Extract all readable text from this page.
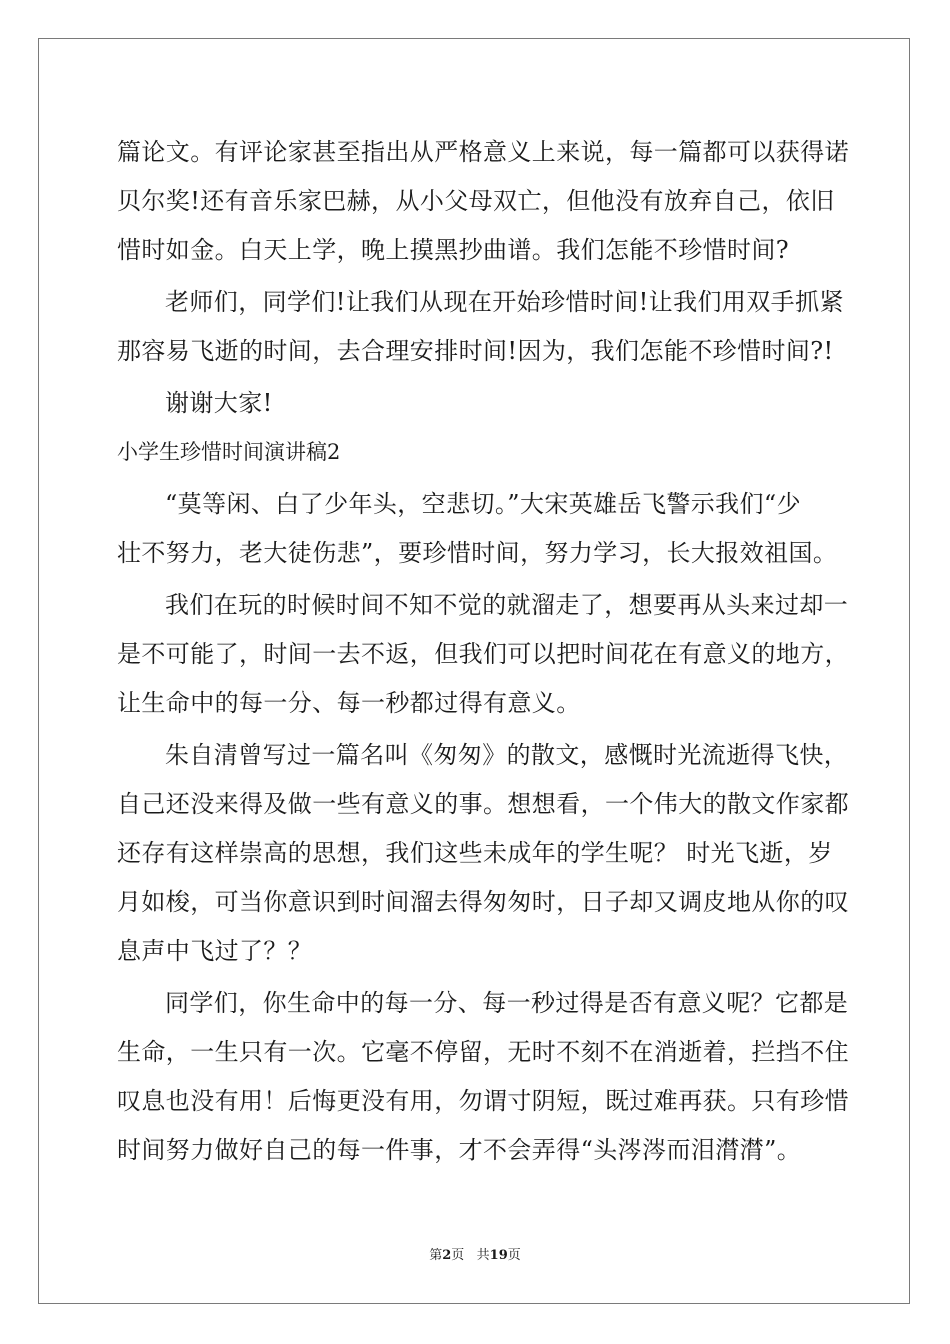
篇论文。有评论家甚至指出从严格意义上来说，每一篇都可以获得诺
贝尔奖!还有音乐家巴赫，从小父母双亡，但他没有放弃自己，依旧
惜时如金。白天上学，晚上摸黑抄曲谱。我们怎能不珍惜时间?
老师们，同学们!让我们从现在开始珍惜时间!让我们用双手抓紧
那容易飞逝的时间，去合理安排时间!因为，我们怎能不珍惜时间?!
谢谢大家!
小学生珍惜时间演讲稿2
“莫等闲、白了少年头，空悲切。”大宋英雄岳飞警示我们“少
壮不努力，老大徒伤悲”，要珍惜时间，努力学习，长大报效祖国。
我们在玩的时候时间不知不觉的就溜走了，想要再从头来过却一
是不可能了，时间一去不返，但我们可以把时间花在有意义的地方，
让生命中的每一分、每一秒都过得有意义。
朱自清曾写过一篇名叫《匆匆》的散文，感慨时光流逝得飞快，
自己还没来得及做一些有意义的事。想想看，一个伟大的散文作家都
还存有这样崇高的思想，我们这些未成年的学生呢？ 时光飞逝，岁
月如梭，可当你意识到时间溜去得匆匆时，日子却又调皮地从你的叹
息声中飞过了？？
同学们，你生命中的每一分、每一秒过得是否有意义呢？它都是
生命，一生只有一次。它毫不停留，无时不刻不在消逝着，拦挡不住
叹息也没有用！后悔更没有用，勿谓寸阴短，既过难再获。只有珍惜
时间努力做好自己的每一件事，才不会弄得“头涔涔而泪潸潸”。
第2页   共19页
